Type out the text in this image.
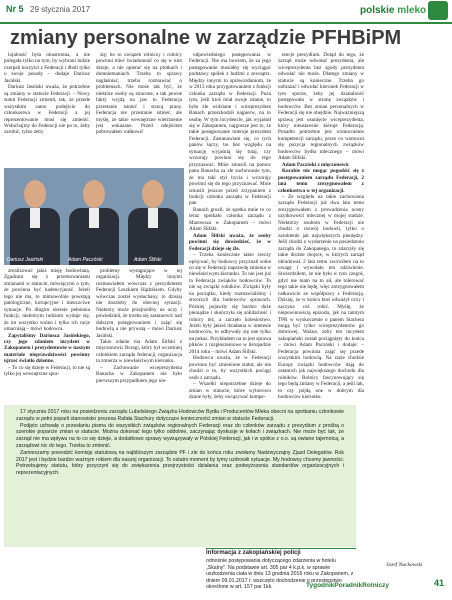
Nr 5 29 stycznia 2017	polskie mleko
zmiany personalne w zarządzie PFHBiPM

lojalność była obustronna, a nie polegała tylko na tym, by wybrani ludzie czerpali korzyści z Federacji i dbali tylko o swoje posady – dodaje Dariusz Jasiński.

Dariusz Jasiński uważa, że potrzebne są zmiany w statucie Federacji. – Nowy statut Federacji zmienił, tak, że przede wszystkim samo podejście do członkostwa w Federacji a jej reprezentowanie musi się zmienić. Wsłuchajmy do Federacji nie po to, żeby zarobić, tylko żeby

się; bo to związek rolniczy i rolnicy powinni mieć świadomość co się w nim dzieje, a nie opierać się na plotkach i domniemaniach. Trzeba to sprawy naglaśniać, trzeba rozmawiać o problemach. Nie może tak być, że niektóre osoby są stracone, a tak pewne fakty wyjdą na jaw to Federacja przestanie istnieć i stracą pracę. Federacja nie przestanie istnieć, ale myślę, że takie wewnętrzne wietrznenie jest wskazane. Przed odejściem pobrowałem wałkowić

Dariusz Jasiński	Adam Paczóski	Adam Ślifski

zrealizować jakiś misję hodowlaną. Zgadzam się z przemowaniami zmianami w statucie, mówiącymi o tym, że powinna być kadencyjność. Jeżeli tego nie ma, to mimowolnie powstają patologiczne, korupcyjne i nieuczciwe sytuacje. Po długim okresie pełnienia funkcji, niektórym ludziom wydaje się, że im wszystko wolno i tylko ich racje umacniają – mówi hodowca.

Zapytaliśmy Dariusza Jasińskiego, czy jego zdaniem incydent w Zakopanem i prezydentowie w naszym materiale nieprawdziwości powinny ujrzeć światło dzienne.

– To co się dzieje w Federacji, to nie są tylko jej wewnętrzne spra-

problemy wystąpujące w tej organizacji. Między innymi rozmawiałem wówczas z prezydentem Federacji Leszkiem Hądzikiem. Gdyby wówczas został wysłuchany, to dzisiaj nie doszłoby do obecnej sytuacji. Niektóry może przejrzeliby na oczy i powiedzieli, że trzeba się zastanowić nad dalszym postępowaniem i zająć się hodowlą a nie prywatą – mówi Dariusz Jasiński.

Takie zdanie ma Adam Ślifski z mięczonowic Brzegi, który był wcześniej członkiem zarządu federacji, organizacja ta zmierza w niewłaściwym kierunku.

– Zachowanie wiceprezydenta Banacha w Zakopanem nie było pierwszym przypadkiem jego nie-

odpowiedniego postępowania w Federacji. Nie ma bowiem, że za jego postępowanie musiałby się wyciągać podstawy spółek z ludźmi z zewnątrz. Między innymi to sprawozdaniom, że w 2013 roku przygotowaniem z funkcji członka zarządu w Federacji. Poza tym, jeśli ktoś miał swoje zdanie, to było źle widziane i wiceprezydent Banach przeszkodził najpierw, na to osobę. W tym incydencie, jak wyjaśnił się w Zakopanem, najgorsze jest to, że takie postępowanie toleruje prezydent Federacji. Zastanawiam się, co tych panów łączy, bo bez względu na sytuację wyjaśnią się tutaj, czy wczorajy powinni się do tego przyznawać. Mnie zmusili na pomoc panu Banacha za złe zachowanie tym, że ma taki styl bycia i wczorajy powinni się do tego przyznawać. Mnie zmusili jeszcze przed zrzypaniem z funkcji członka zarządu w Federacji pan

Banach groził, że spotka mnie to co teraz spotkało członka zarządu z Mazowsza w Zakopanem – mówi Adam Ślifski.

Adam Ślifski uważa, że osoby powinni się dowiedzieć, że w Federacji dzieje się źle.

– Trzeba koniecznie takie rzeczy opisywać, by hodowcy przyznali sobie co się w Federacji naprawdę zmienia w niewłaściwym kierunku. To nie jest już ta Federacja zwiąków hodowców. To nie są związki rolników. Związki były na początku, kiedy rozmawialiśmy i stworzyli dla hodowców sprawach. Później pojawiły się bardzo duże pieniądze i skończyła się solidarność i rolnicy też, a zaczęło kolesiostwo. Jeżeli były jakieś działania w interesie hodowców, to odbywały się one tylko na pokaz. Przykładem na to jest sprawa plików z rozgłoszeniowe w listopadzie 2014 roku – mówi Adam Ślifski.

Hodowca uważa, że w Federacji powinno być zmienione statut, ale nie chodzi o to, by wszystkich pociągi osób z zarządu.

– Wszelki niepotrzebne dzieje do zmian w statucie, które wyborowo dzane były, żeby uwiązywać kompe-

tencje prezydium. Dotąd do tego, że zarząd może odwołać prezydenta, ale wiceprezydenta bez zgody prezydenta odwołać nie może. Dlatego zmiany w statucie są konieczne. Trzeba go uobrażać i odwołać kierunek Federacji w tym sporze, żeby jej działalność postępowała w stronę związków i hodowców. Bez zmian personalnych w Federacji się nie obejdzie. Najważniejszą sprawą jest usunięcie wiceprezydenta, który nieustawnie kieruje Federacją. Ponadto potrzebne jest wzmocnienie kompetencji zarządu, przez co wzmocni się pozycja regionalnych związków hodowców bydła mlecznego – mówi Adam Ślifski.

Adam Paczóski z mięczonowic

Korabie nie mogąc pogodzić się z postępowaniem zarządu Federacji, 2 lata temu zrezygnowałem z członkostwa w tej organizacji.

– Ze względu na takie zachowania zarządu Federacji już dwa lata temu zrezygnowałem z prowadzenia oceny użytkowości mlecznej w mojej stadzie. Niektórzy osobom w Federacji nie chodzi o rozwój hodowli, tylko o zarobienie jak największych pieniędzy. Jeśli chodzi o wydarzenie na posiedzeniu zarządu do Zakopanego, to zdarzyły się takie drożne mojsce, w których zarząd obradował. 2 lata temu zwróciłem na to uwagę i wywołało ten zdziwienie. Stwierdziłem, że nie było w tym czegoś, gdyż nie mam na to sił, ale tolerować tego takie nie będę, więc zrezygnowałem całkowicie ze współpracy z Federacją. Dzisiaj, że w końcu ktoś odważył oczy i zaczyna coś robić. Myślę, że niepowinnością epizodu, jak na tamtym TPR w wyskoczenie o panem Stachera mogą być tylko wiceprezydentów go dobrowej. Ważne, żeby ten incydent zakopiański został pociągnięty do końca – mówi Adam Paczóski i dodaje: – Federacja powinna zająć się przede wszystkim hodowlą. Na razie chodzie Europy związki hodowców dają do ostatnich jak największego dochodu dla rolników. Rolnicy fascynowujący się tego będą zmiany w Federacji, a jeśli tak, to czy pójdą one w dobrym dla hodowców kierunku.

17 stycznia 2017 roku na posiedzeniu zarządu Lubelskiego Związku Hodowców Bydła i Producentów Mleka obecni na spotkaniu członkowie zarządu w pełni poparli stanowisko prezesa Rafała Stachury dotyczące konieczności zmian w statucie Federacji.

Podjęto uchwałę o przesłaniu pisma do wszystkich związków regionalnych Federacji oraz do członków zarządu z prezydium z prośbą o szerokie poparcie zmian w statucie. Można dokonać tego tylko oddolnie, zaczynając dyskusje w kołach i związkach. Nie może być tak, że zarząd nie ma wpływu na to co się dzieje, a dodatkowo sprawy wywiązywały w Polskiej Federacji, jak i w spółce z o.o. są owiane tajemnicą, a zarządowi nic do tego. Trzeba to zmienić.

Zamieszamy powodzić komisję statutową na najbliższym zarządzie PF i zle do końca roku zwołamy Nadzwyczajny Zjazd Delegatów. Rok 2017 jest i będzie bardzo ważnym rokiem dla naszej organizacji. To ostatni moment by tymy uzdrowili sytuacje. My hodowcy chcemy jawności. Potrzebujemy statutu, który przyczyni się do zwiększenia przejrzystości działania oraz podwyższenia standardów organizacyjnych i reprezentacyjnych.

Józef Nuckowski
Informacja z zakopiańskiej policji
odnośnie postępowania dotyczącego zdarzenia w hotelu „Skalny". Na podstawie art. 305 par 4 k.p.k. w sprawie uszkodzenia ciała w dniu 13 grudnia 2016 roku w Zakopanem, z dniem 09.01.2017 r. wszczęto dochodzenie o przestępstwo określone w art. 157 par 1kk.	TygodnikPoradnikRolniczy	41
